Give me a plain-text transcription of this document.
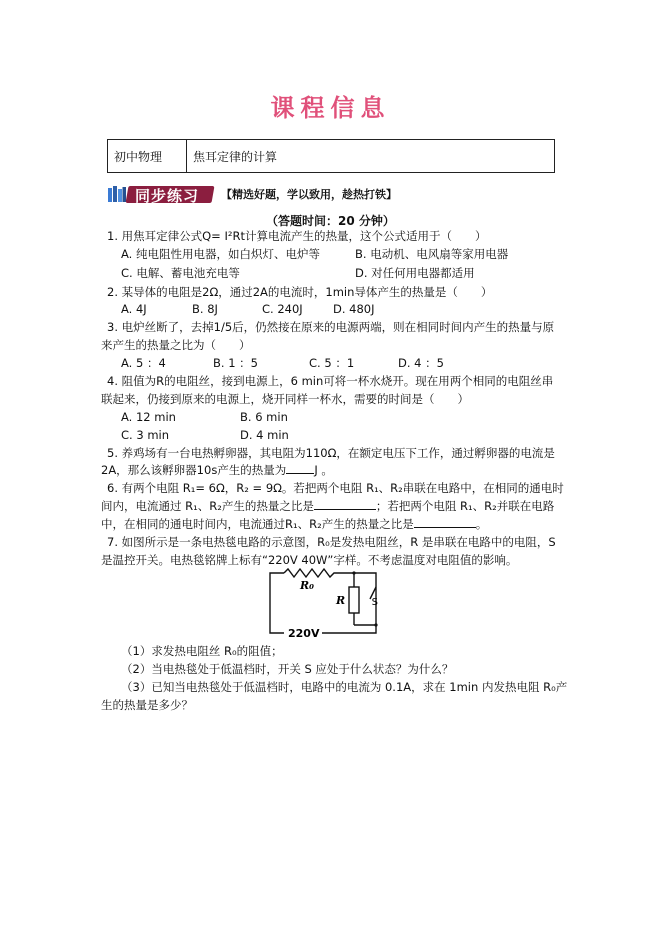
课程信息
初中物理	焦耳定律的计算
同步练习 【精选好题，学以致用，趁热打铁】
（答题时间：20 分钟）
1. 用焦耳定律公式Q= I²Rt计算电流产生的热量，这个公式适用于（　　）
A. 纯电阻性用电器，如白炽灯、电炉等	B. 电动机、电风扇等家用电器
C. 电解、蓄电池充电等	D. 对任何用电器都适用
2. 某导体的电阻是2Ω，通过2A的电流时，1min导体产生的热量是（　　）
A. 4J	B. 8J	C. 240J	D. 480J
3. 电炉丝断了，去掉1/5后，仍然接在原来的电源两端，则在相同时间内产生的热量与原
来产生的热量之比为（　　）
A. 5 ：4	B. 1 ：5	C. 5 ：1	D. 4 ：5
4. 阻值为R的电阻丝，接到电源上，6 min可将一杯水烧开。现在用两个相同的电阻丝串
联起来，仍接到原来的电源上，烧开同样一杯水，需要的时间是（　　）
A. 12 min	B. 6 min
C. 3 min	D. 4 min
5. 养鸡场有一台电热孵卵器，其电阻为110Ω，在额定电压下工作，通过孵卵器的电流是
2A，那么该孵卵器10s产生的热量为 J 。
6. 有两个电阻 R₁= 6Ω，R₂ = 9Ω。若把两个电阻 R₁、R₂串联在电路中，在相同的通电时
间内，电流通过 R₁、R₂产生的热量之比是	；若把两个电阻 R₁、R₂并联在电路
中，在相同的通电时间内，电流通过R₁、R₂产生的热量之比是	。
7. 如图所示是一条电热毯电路的示意图，R₀是发热电阻丝，R 是串联在电路中的电阻，S
是温控开关。电热毯铭牌上标有“220V 40W”字样。不考虑温度对电阻值的影响。
R₀
R	S
220V
（1）求发热电阻丝 R₀的阻值；
（2）当电热毯处于低温档时，开关 S 应处于什么状态？为什么？
（3）已知当电热毯处于低温档时，电路中的电流为 0.1A，求在 1min 内发热电阻 R₀产
生的热量是多少？
